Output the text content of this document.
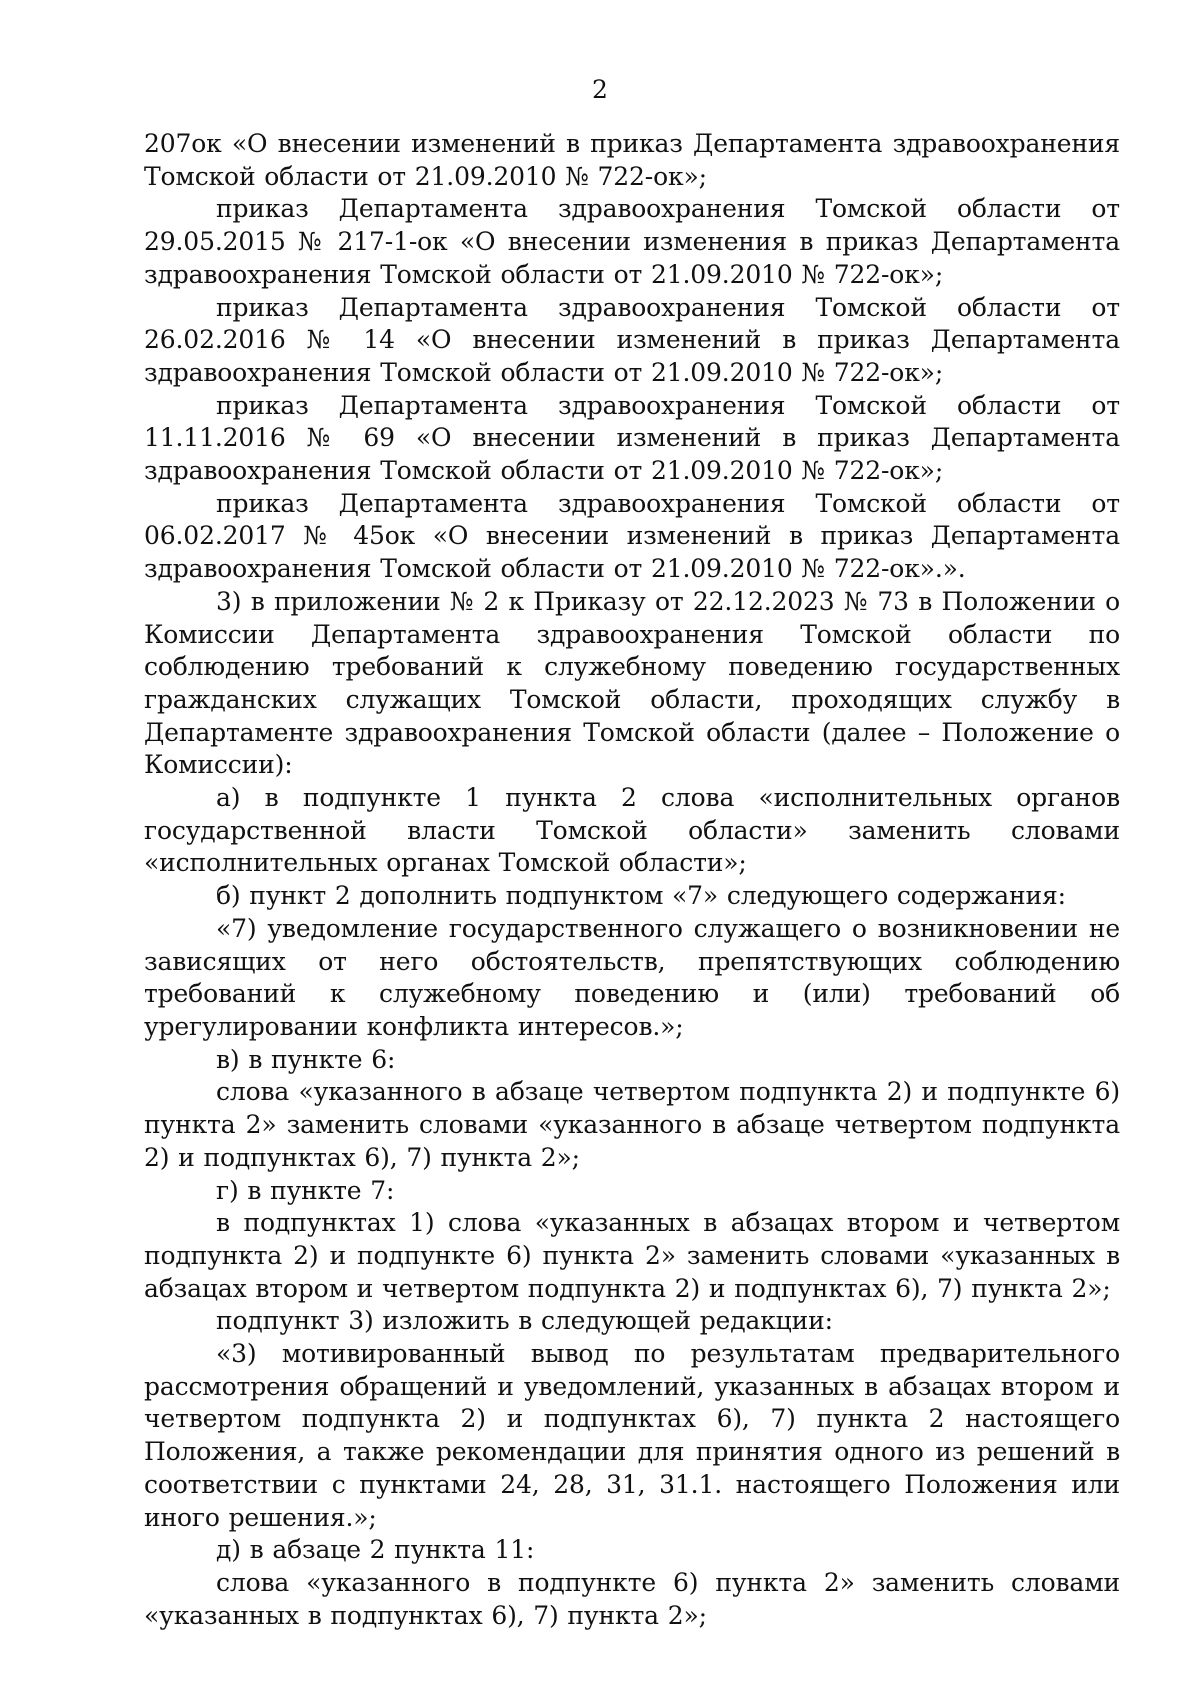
2

207ок «О внесении изменений в приказ Департамента здравоохранения Томской области от 21.09.2010 № 722-ок»;

приказ Департамента здравоохранения Томской области от 29.05.2015 № 217-1-ок «О внесении изменения в приказ Департамента здравоохранения Томской области от 21.09.2010 № 722-ок»;

приказ Департамента здравоохранения Томской области от 26.02.2016 № 14 «О внесении изменений в приказ Департамента здравоохранения Томской области от 21.09.2010 № 722-ок»;

приказ Департамента здравоохранения Томской области от 11.11.2016 № 69 «О внесении изменений в приказ Департамента здравоохранения Томской области от 21.09.2010 № 722-ок»;

приказ Департамента здравоохранения Томской области от 06.02.2017 № 45ок «О внесении изменений в приказ Департамента здравоохранения Томской области от 21.09.2010 № 722-ок».».

3) в приложении № 2 к Приказу от 22.12.2023 № 73 в Положении о Комиссии Департамента здравоохранения Томской области по соблюдению требований к служебному поведению государственных гражданских служащих Томской области, проходящих службу в Департаменте здравоохранения Томской области (далее – Положение о Комиссии):

а) в подпункте 1 пункта 2 слова «исполнительных органов государственной власти Томской области» заменить словами «исполнительных органах Томской области»;

б) пункт 2 дополнить подпунктом «7» следующего содержания:

«7) уведомление государственного служащего о возникновении не зависящих от него обстоятельств, препятствующих соблюдению требований к служебному поведению и (или) требований об урегулировании конфликта интересов.»;

в) в пункте 6:

слова «указанного в абзаце четвертом подпункта 2) и подпункте 6) пункта 2» заменить словами «указанного в абзаце четвертом подпункта 2) и подпунктах 6), 7) пункта 2»;

г) в пункте 7:

в подпунктах 1) слова «указанных в абзацах втором и четвертом подпункта 2) и подпункте 6) пункта 2» заменить словами «указанных в абзацах втором и четвертом подпункта 2) и подпунктах 6), 7) пункта 2»;

подпункт 3) изложить в следующей редакции:

«3) мотивированный вывод по результатам предварительного рассмотрения обращений и уведомлений, указанных в абзацах втором и четвертом подпункта 2) и подпунктах 6), 7) пункта 2 настоящего Положения, а также рекомендации для принятия одного из решений в соответствии с пунктами 24, 28, 31, 31.1. настоящего Положения или иного решения.»;

д) в абзаце 2 пункта 11:

слова «указанного в подпункте 6) пункта 2» заменить словами «указанных в подпунктах 6), 7) пункта 2»;
